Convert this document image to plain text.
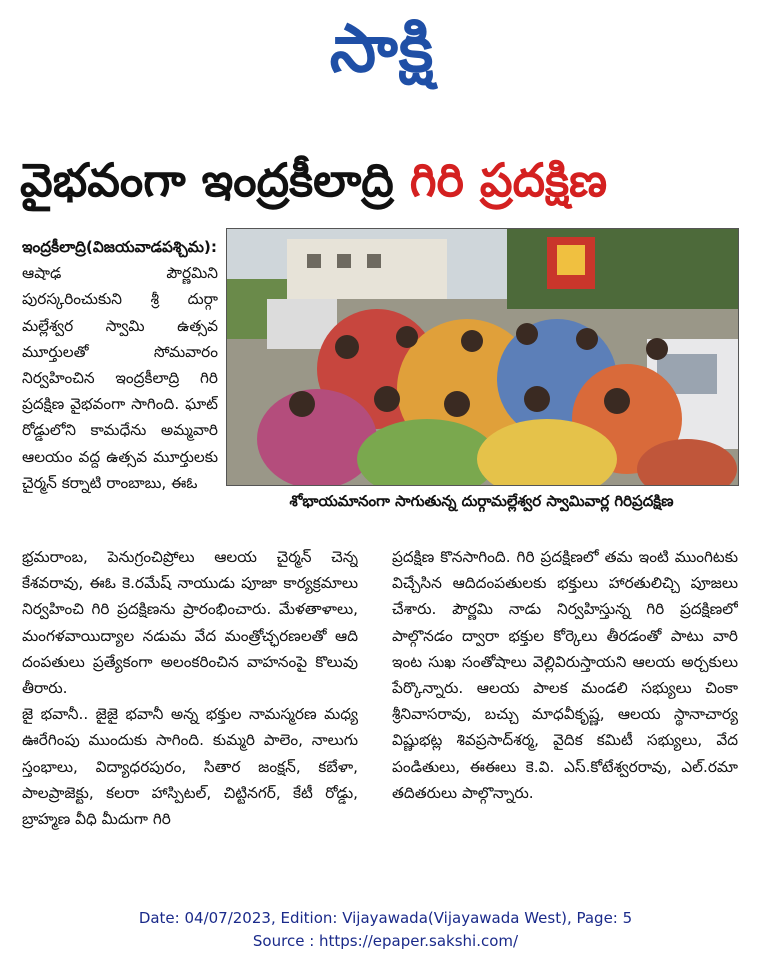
సాక్షి
వైభవంగా ఇంద్రకీలాద్రి గిరి ప్రదక్షిణ

ఇంద్రకీలాద్రి(విజయవాడపశ్చిమ): ఆషాఢ పౌర్ణమిని పురస్కరించుకుని శ్రీ దుర్గా మల్లేశ్వర స్వామి ఉత్సవ మూర్తులతో సోమవారం నిర్వహించిన ఇంద్రకీలాద్రి గిరి ప్రదక్షిణ వైభవంగా సాగింది. ఘాట్ రోడ్డులోని కామధేను అమ్మవారి ఆలయం వద్ద ఉత్సవ మూర్తులకు చైర్మన్ కర్నాటి రాంబాబు, ఈఓ

శోభాయమానంగా సాగుతున్న దుర్గామల్లేశ్వర స్వామివార్ల గిరిప్రదక్షిణ

భ్రమరాంబ, పెనుగ్రంచిప్రోలు ఆలయ చైర్మన్ చెన్న కేశవరావు, ఈఓ కె.రమేష్ నాయుడు పూజా కార్యక్రమాలు నిర్వహించి గిరి ప్రదక్షిణను ప్రారంభించారు. మేళతాళాలు, మంగళవాయిద్యాల నడుమ వేద మంత్రోచ్ఛరణలతో ఆది దంపతులు ప్రత్యేకంగా అలంకరించిన వాహనంపై కొలువు తీరారు.

జై భవానీ.. జైజై భవానీ అన్న భక్తుల నామస్మరణ మధ్య ఊరేగింపు ముందుకు సాగింది. కుమ్మరి పాలెం, నాలుగు స్తంభాలు, విద్యాధరపురం, సితార జంక్షన్, కబేళా, పాలప్రాజెక్టు, కలరా హాస్పిటల్, చిట్టినగర్, కేటీ రోడ్డు, బ్రాహ్మణ వీధి మీదుగా గిరి

ప్రదక్షిణ కొనసాగింది. గిరి ప్రదక్షిణలో తమ ఇంటి ముంగిటకు విచ్చేసిన ఆదిదంపతులకు భక్తులు హారతులిచ్చి పూజలు చేశారు. పౌర్ణమి నాడు నిర్వహిస్తున్న గిరి ప్రదక్షిణలో పాల్గొనడం ద్వారా భక్తుల కోర్కెలు తీరడంతో పాటు వారి ఇంట సుఖ సంతోషాలు వెల్లివిరుస్తాయని ఆలయ అర్చకులు పేర్కొన్నారు. ఆలయ పాలక మండలి సభ్యులు చింకా శ్రీనివాసరావు, బచ్చు మాధవీకృష్ణ, ఆలయ స్థానాచార్య విష్ణుభట్ల శివప్రసాద్‌శర్మ, వైదిక కమిటీ సభ్యులు, వేద పండితులు, ఈఈలు కె.వి. ఎస్.కోటేశ్వరరావు, ఎల్.రమా తదితరులు పాల్గొన్నారు.

Date: 04/07/2023, Edition: Vijayawada(Vijayawada West), Page: 5
Source : https://epaper.sakshi.com/
